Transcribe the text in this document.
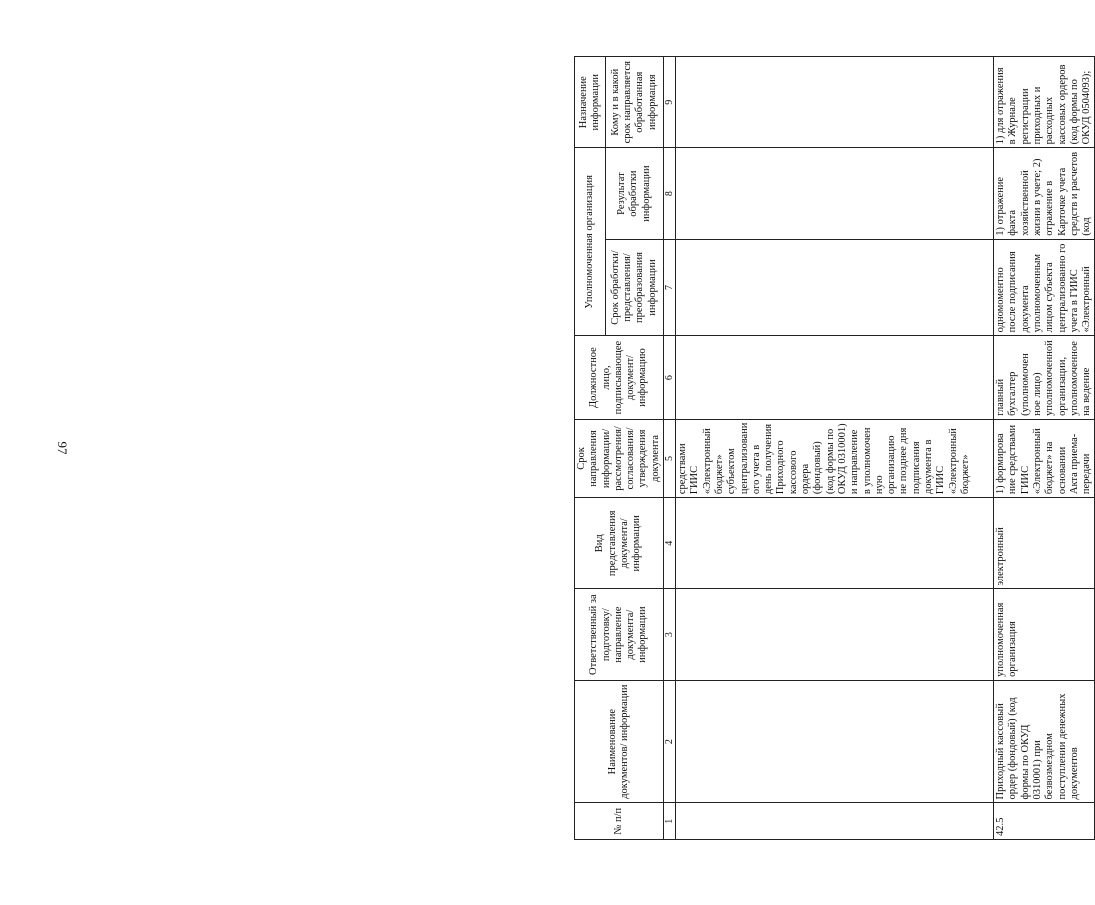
97
№ п/п	Наименование документов/ информации	Ответственный за подготовку/ направление документа/ информации	Вид представления документа/ информации	Срок направления информации/ рассмотрения/ согласования/ утверждения документа	Должностное лицо, подписывающее документ/ информацию	Уполномоченная организация		Назначение информации
						Срок обработки/ представления/ преобразования информации	Результат обработки информации	Кому и в какой срок направляется обработанная информация
1	2	3	4	5	6	7	8	9

				средствами ГИИС «Электронный бюджет» субъектом централизовани ого учета в день получения Приходного кассового ордера (фондовый) (код формы по ОКУД 0310001) и направление в уполномочен ную организацию не позднее дня подписания документа в ГИИС «Электронный бюджет»				

42.5	Приходный кассовый ордер (фондовый) (код формы по ОКУД 0310001) при безвозмездном поступлении денежных документов	уполномоченная организация	электронный	1) формирова ние средствами ГИИС «Электронный бюджет» на основании Акта приема-передачи	главный бухгалтер (уполномочен ное лицо) уполномоченной организации, уполномоченное на ведение	одномоментно после подписания документа уполномоченным лицом субъекта централизованно го учета в ГИИС «Электронный	1) отражение факта хозяйственной жизни в учете; 2) отражение в Карточке учета средств и расчетов (код	1) для отражения в Журнале регистрации приходных и расходных кассовых ордеров (код формы по ОКУД 0504093);
